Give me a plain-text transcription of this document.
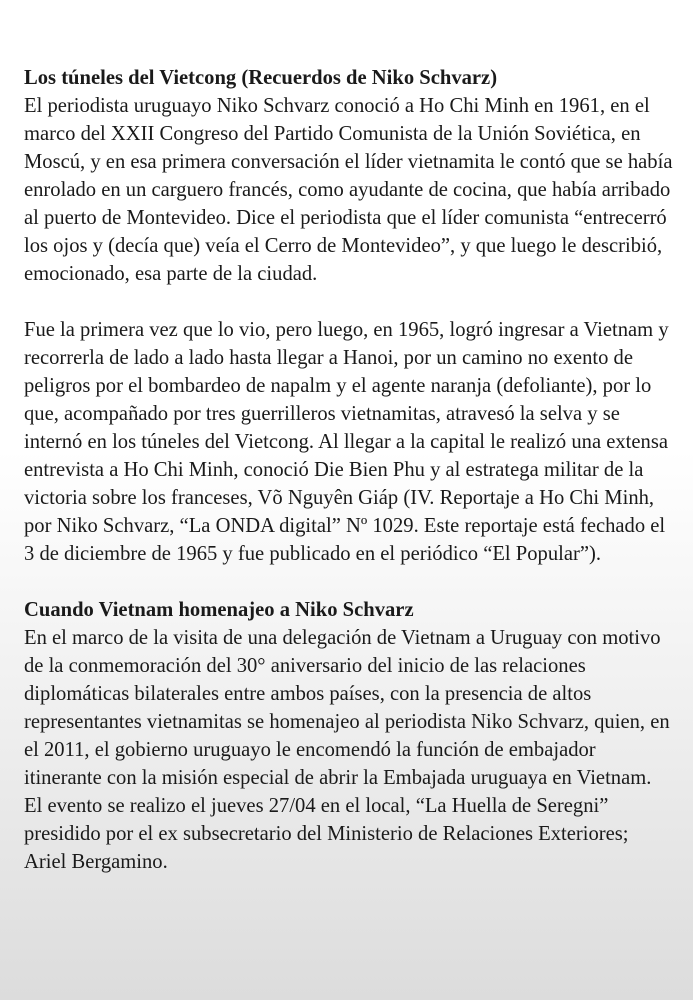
Los túneles del Vietcong (Recuerdos de Niko Schvarz)

El periodista uruguayo Niko Schvarz conoció a Ho Chi Minh en 1961, en el marco del XXII Congreso del Partido Comunista de la Unión Soviética, en Moscú, y en esa primera conversación el líder vietnamita le contó que se había enrolado en un carguero francés, como ayudante de cocina, que había arribado al puerto de Montevideo. Dice el periodista que el líder comunista “entrecerró los ojos y (decía que) veía el Cerro de Montevideo”, y que luego le describió, emocionado, esa parte de la ciudad.

Fue la primera vez que lo vio, pero luego, en 1965, logró ingresar a Vietnam y recorrerla de lado a lado hasta llegar a Hanoi, por un camino no exento de peligros por el bombardeo de napalm y el agente naranja (defoliante), por lo que, acompañado por tres guerrilleros vietnamitas, atravesó la selva y se internó en los túneles del Vietcong. Al llegar a la capital le realizó una extensa entrevista a Ho Chi Minh, conoció Die Bien Phu y al estratega militar de la victoria sobre los franceses, Võ Nguyên Giáp (IV. Reportaje a Ho Chi Minh, por Niko Schvarz, “La ONDA digital” Nº 1029. Este reportaje está fechado el 3 de diciembre de 1965 y fue publicado en el periódico “El Popular”).

Cuando Vietnam homenajeo a Niko Schvarz

En el marco de la visita de una delegación de Vietnam a Uruguay con motivo de la conmemoración del 30° aniversario del inicio de las relaciones diplomáticas bilaterales entre ambos países, con la presencia de altos representantes vietnamitas se homenajeo al periodista Niko Schvarz, quien, en el 2011, el gobierno uruguayo le encomendó la función de embajador itinerante con la misión especial de abrir la Embajada uruguaya en Vietnam. El evento se realizo el jueves 27/04 en el local, “La Huella de Seregni” presidido por el ex subsecretario del Ministerio de Relaciones Exteriores; Ariel Bergamino.
